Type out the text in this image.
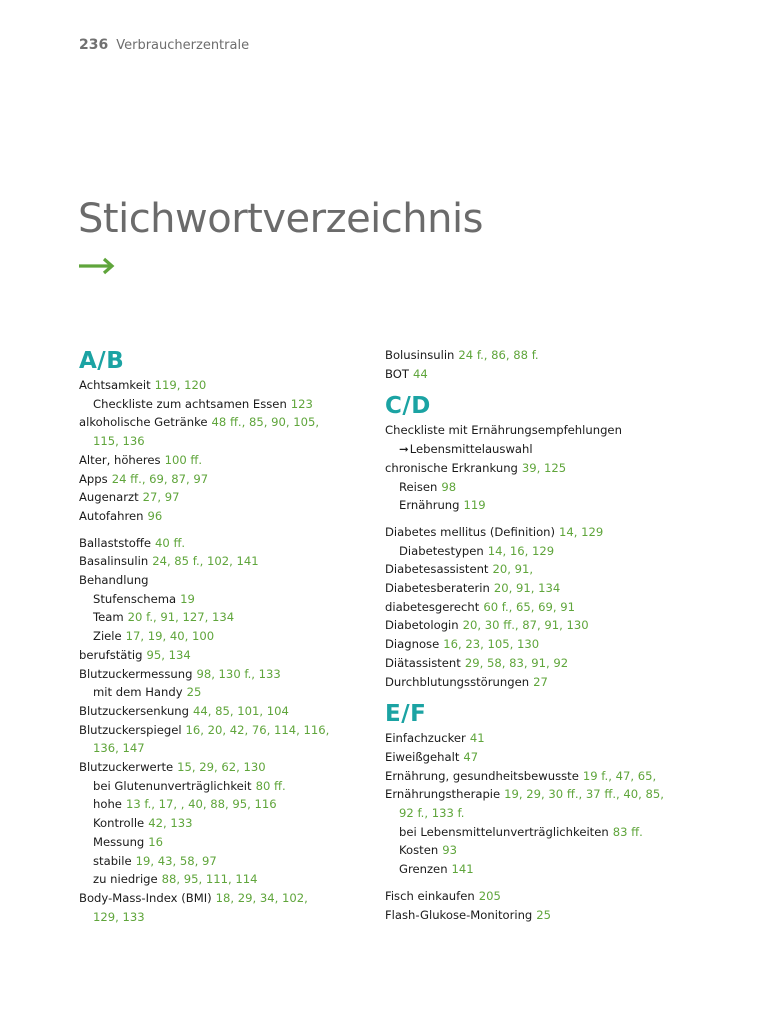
236 Verbraucherzentrale
Stichwortverzeichnis
A/B
Achtsamkeit 119, 120
Checkliste zum achtsamen Essen 123
alkoholische Getränke 48 ff., 85, 90, 105,
115, 136
Alter, höheres 100 ff.
Apps 24 ff., 69, 87, 97
Augenarzt 27, 97
Autofahren 96
Ballaststoffe 40 ff.
Basalinsulin 24, 85 f., 102, 141
Behandlung
Stufenschema 19
Team 20 f., 91, 127, 134
Ziele 17, 19, 40, 100
berufstätig 95, 134
Blutzuckermessung 98, 130 f., 133
mit dem Handy 25
Blutzuckersenkung 44, 85, 101, 104
Blutzuckerspiegel 16, 20, 42, 76, 114, 116,
136, 147
Blutzuckerwerte 15, 29, 62, 130
bei Glutenunverträglichkeit 80 ff.
hohe 13 f., 17, , 40, 88, 95, 116
Kontrolle 42, 133
Messung 16
stabile 19, 43, 58, 97
zu niedrige 88, 95, 111, 114
Body-Mass-Index (BMI) 18, 29, 34, 102,
129, 133
Bolusinsulin 24 f., 86, 88 f.
BOT 44
C/D
Checkliste mit Ernährungsempfehlungen
➞Lebensmittelauswahl
chronische Erkrankung 39, 125
Reisen 98
Ernährung 119
Diabetes mellitus (Definition) 14, 129
Diabetestypen 14, 16, 129
Diabetesassistent 20, 91,
Diabetesberaterin 20, 91, 134
diabetesgerecht 60 f., 65, 69, 91
Diabetologin 20, 30 ff., 87, 91, 130
Diagnose 16, 23, 105, 130
Diätassistent 29, 58, 83, 91, 92
Durchblutungsstörungen 27
E/F
Einfachzucker 41
Eiweißgehalt 47
Ernährung, gesundheitsbewusste 19 f., 47, 65,
Ernährungstherapie 19, 29, 30 ff., 37 ff., 40, 85,
92 f., 133 f.
bei Lebensmittelunverträglichkeiten 83 ff.
Kosten 93
Grenzen 141
Fisch einkaufen 205
Flash-Glukose-Monitoring 25
